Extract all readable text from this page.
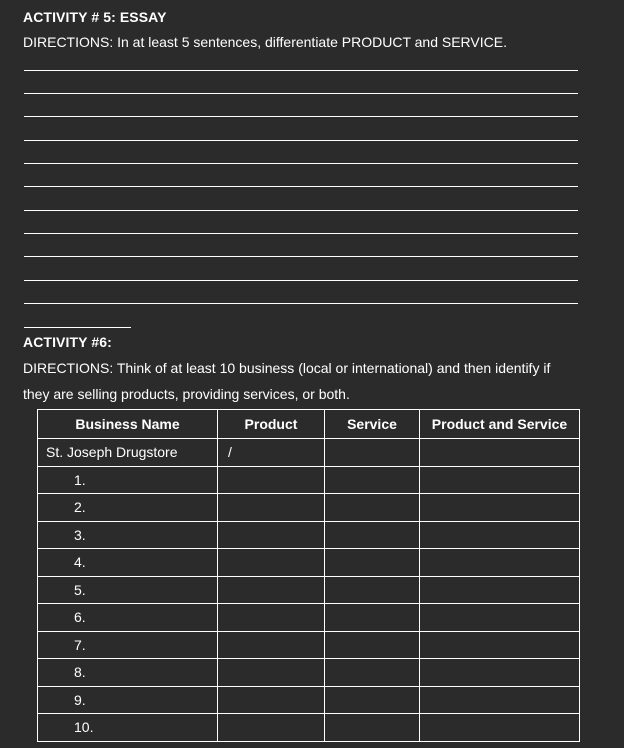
ACTIVITY # 5: ESSAY
DIRECTIONS: In at least 5 sentences, differentiate PRODUCT and SERVICE.
ACTIVITY #6:
DIRECTIONS: Think of at least 10 business (local or international) and then identify if
they are selling products, providing services, or both.
Business Name	Product	Service	Product and Service
St. Joseph Drugstore	/		
1.			
2.			
3.			
4.			
5.			
6.			
7.			
8.			
9.			
10.			
